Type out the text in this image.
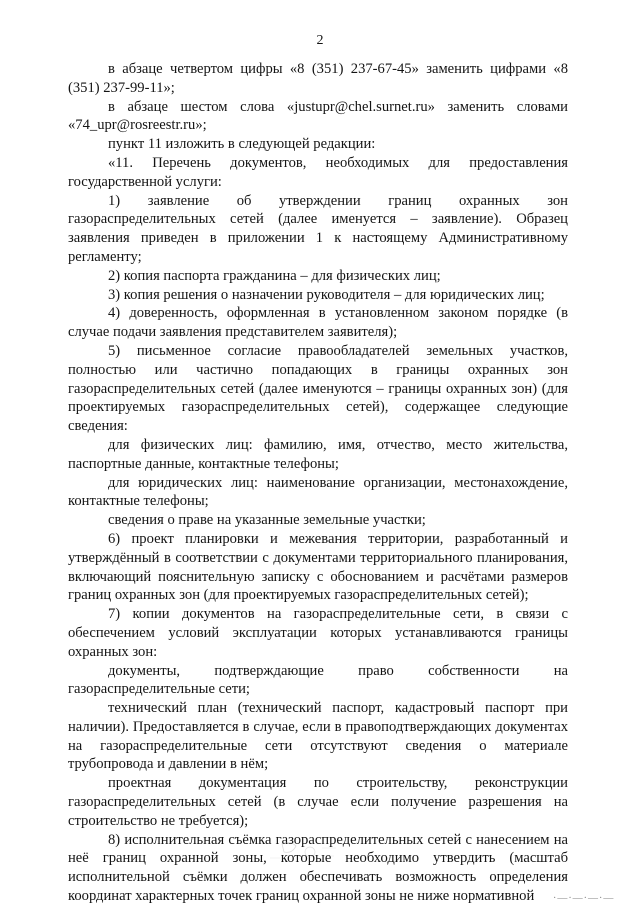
2

в абзаце четвертом цифры «8 (351) 237-67-45» заменить цифрами «8 (351) 237-99-11»;

в абзаце шестом слова «justupr@chel.surnet.ru» заменить словами «74_upr@rosreestr.ru»;

пункт 11 изложить в следующей редакции:

«11. Перечень документов, необходимых для предоставления государственной услуги:

1) заявление об утверждении границ охранных зон газораспределительных сетей (далее именуется – заявление). Образец заявления приведен в приложении 1 к настоящему Административному регламенту;

2) копия паспорта гражданина – для физических лиц;

3) копия решения о назначении руководителя – для юридических лиц;

4) доверенность, оформленная в установленном законом порядке (в случае подачи заявления представителем заявителя);

5) письменное согласие правообладателей земельных участков, полностью или частично попадающих в границы охранных зон газораспределительных сетей (далее именуются – границы охранных зон) (для проектируемых газораспределительных сетей), содержащее следующие сведения:

для физических лиц: фамилию, имя, отчество, место жительства, паспортные данные, контактные телефоны;

для юридических лиц: наименование организации, местонахождение, контактные телефоны;

сведения о праве на указанные земельные участки;

6) проект планировки и межевания территории, разработанный и утверждённый в соответствии с документами территориального планирования, включающий пояснительную записку с обоснованием и расчётами размеров границ охранных зон (для проектируемых газораспределительных сетей);

7) копии документов на газораспределительные сети, в связи с обеспечением условий эксплуатации которых устанавливаются границы охранных зон:

документы, подтверждающие право собственности на газораспределительные сети;

технический план (технический паспорт, кадастровый паспорт при наличии). Предоставляется в случае, если в правоподтверждающих документах на газораспределительные сети отсутствуют сведения о материале трубопровода и давлении в нём;

проектная документация по строительству, реконструкции газораспределительных сетей (в случае если получение разрешения на строительство не требуется);

8) исполнительная съёмка газораспределительных сетей с нанесением на неё границ охранной зоны, которые необходимо утвердить (масштаб исполнительной съёмки должен обеспечивать возможность определения координат характерных точек границ охранной зоны не ниже нормативной	·—·—·—·—
